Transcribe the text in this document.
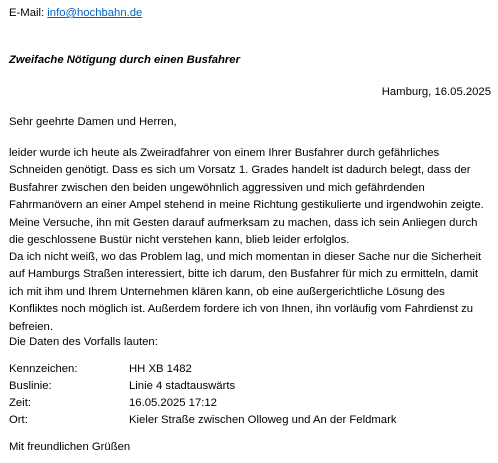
E-Mail: info@hochbahn.de
Zweifache Nötigung durch einen Busfahrer
Hamburg, 16.05.2025
Sehr geehrte Damen und Herren,
leider wurde ich heute als Zweiradfahrer von einem Ihrer Busfahrer durch gefährliches Schneiden genötigt. Dass es sich um Vorsatz 1. Grades handelt ist dadurch belegt, dass der Busfahrer zwischen den beiden ungewöhnlich aggressiven und mich gefährdenden Fahrmanövern an einer Ampel stehend in meine Richtung gestikulierte und irgendwohin zeigte. Meine Versuche, ihn mit Gesten darauf aufmerksam zu machen, dass ich sein Anliegen durch die geschlossene Bustür nicht verstehen kann, blieb leider erfolglos.
Da ich nicht weiß, wo das Problem lag, und mich momentan in dieser Sache nur die Sicherheit auf Hamburgs Straßen interessiert, bitte ich darum, den Busfahrer für mich zu ermitteln, damit ich mit ihm und Ihrem Unternehmen klären kann, ob eine außergerichtliche Lösung des Konfliktes noch möglich ist. Außerdem fordere ich von Ihnen, ihn vorläufig vom Fahrdienst zu befreien.
Die Daten des Vorfalls lauten:
Kennzeichen:	HH XB 1482
Buslinie:	Linie 4 stadtauswärts
Zeit:	16.05.2025 17:12
Ort:	Kieler Straße zwischen Olloweg und An der Feldmark
Mit freundlichen Grüßen
